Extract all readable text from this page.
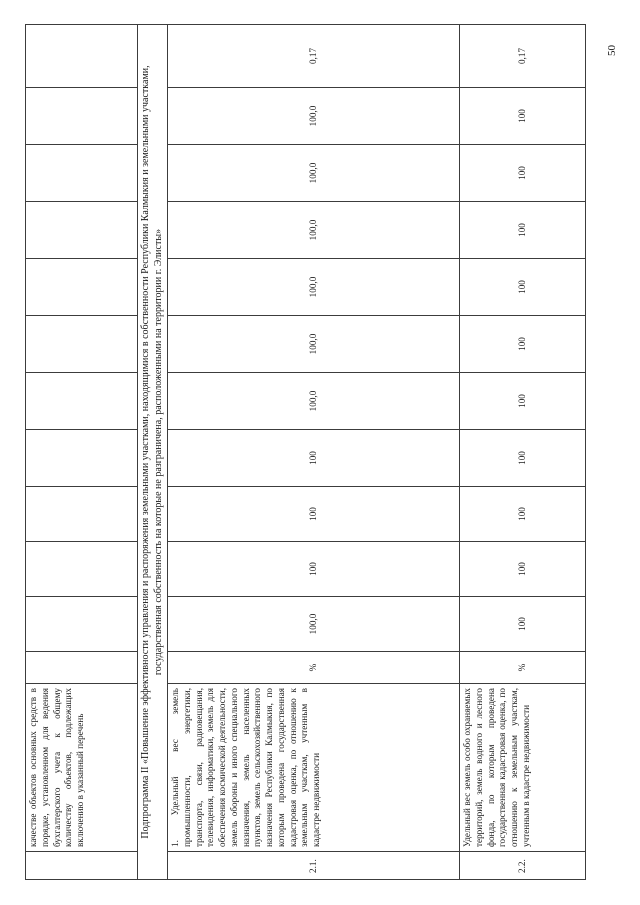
50
	качестве объектов основных средств в порядке, установленном для ведения бухгалтерского учета к общему количеству объектов, подлежащих включению в указанный перечень												
Подпрограмма II «Повышение эффективности управления и распоряжения земельными участками, находящимися в собственности Республики Калмыкия и земельными участками, государственная собственность на которые не разграничена, расположенными на территории г. Элисты»													
2.1.	1. Удельный вес земель промышленности, энергетики, транспорта, связи, радиовещания, телевидения, информатики, земель для обеспечения космической деятельности, земель обороны и иного специального назначения, земель населенных пунктов, земель сельскохозяйственного назначения Республики Калмыкия, по которым проведена государственная кадастровая оценка, по отношению к земельным участкам, учтенным в кадастре недвижимости	%	100,0	100	100	100	100,0	100,0	100,0	100,0	100,0	100,0	0,17
2.2.	Удельный вес земель особо охраняемых территорий, земель водного и лесного фонда, по которым проведена государственная кадастровая оценка, по отношению к земельным участкам, учтенным в кадастре недвижимости	%	100	100	100	100	100	100	100	100	100	100	0,17
